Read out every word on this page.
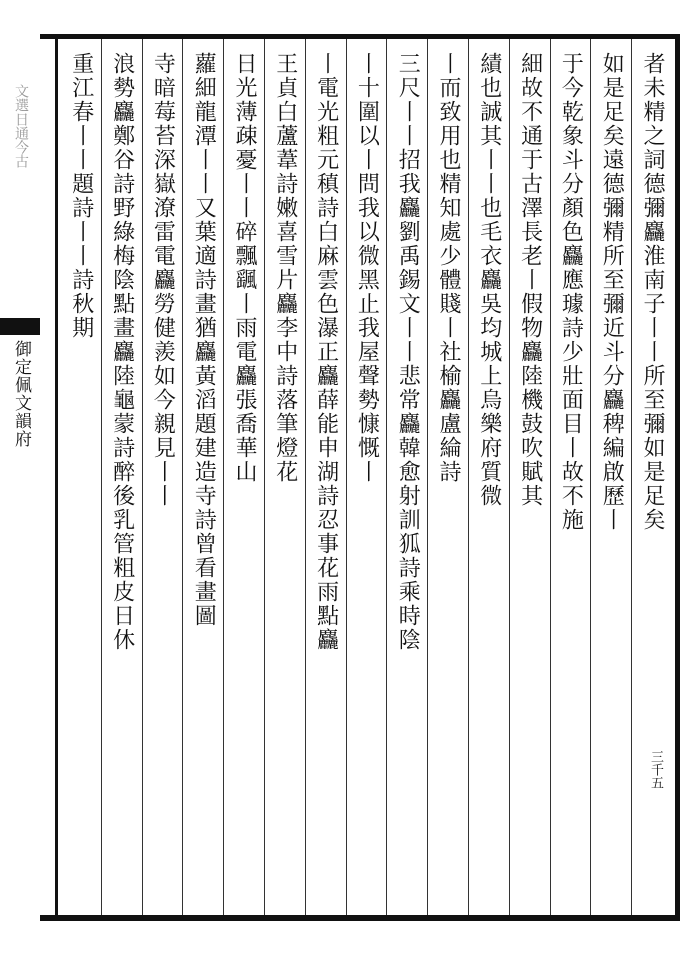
文選日通今古
御定佩文韻府	者未精之詞德彌麤淮南子丨丨所至彌如是足矣
如是足矣遠德彌精所至彌近斗分麤稗編啟歷丨
于今乾象斗分顏色麤應璩詩少壯面目丨故不施
細故不通于古澤長老丨假物麤陸機鼓吹賦其
績也誠其丨丨也毛衣麤吳均城上烏樂府質微
丨而致用也精知處少體賤丨社榆麤盧綸詩
三尺丨丨招我麤劉禹錫文丨丨悲常麤韓愈射訓狐詩乘時陰
丨十圍以丨問我以微黑止我屋聲勢慷慨丨
丨電光粗元稹詩白麻雲色瀑正麤薛能申湖詩忍事花雨點麤
王貞白蘆葦詩嫩喜雪片麤李中詩落筆燈花
日光薄疎憂丨丨碎飄颻丨雨電麤張喬華山
蘿細龍潭丨丨又葉適詩畫猶麤黃滔題建造寺詩曾看畫圖
寺暗莓苔深嶽潦雷電麤勞健羨如今親見丨丨
浪勢麤鄭谷詩野綠梅陰點畫麤陸龜蒙詩醉後乳管粗皮日休
重江春丨丨題詩丨丨詩秋期
三千五
